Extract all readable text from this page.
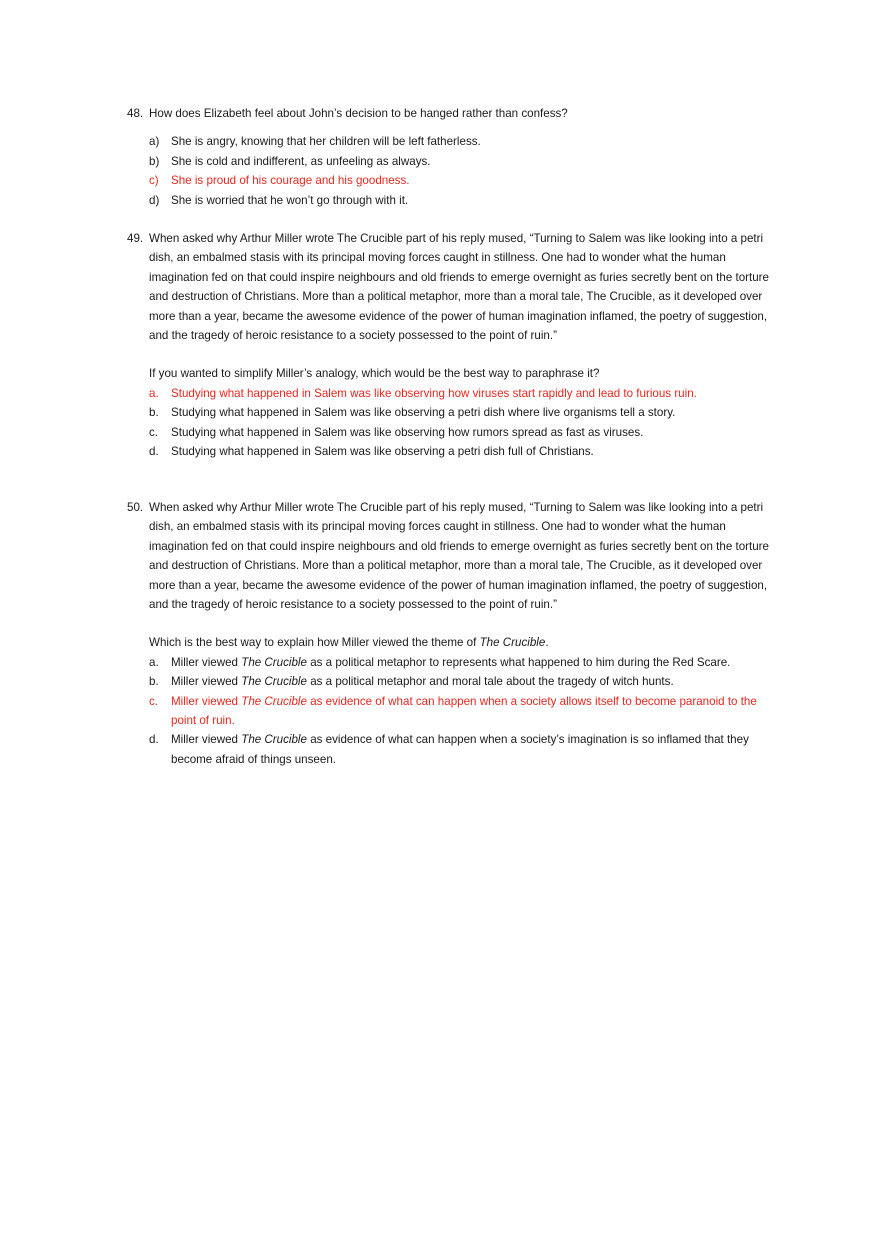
48. How does Elizabeth feel about John’s decision to be hanged rather than confess?
a)	She is angry, knowing that her children will be left fatherless.
b)	She is cold and indifferent, as unfeeling as always.
c)	She is proud of his courage and his goodness.
d)	She is worried that he won’t go through with it.
49. When asked why Arthur Miller wrote The Crucible part of his reply mused, “Turning to Salem was like looking into a petri dish, an embalmed stasis with its principal moving forces caught in stillness. One had to wonder what the human imagination fed on that could inspire neighbours and old friends to emerge overnight as furies secretly bent on the torture and destruction of Christians. More than a political metaphor, more than a moral tale, The Crucible, as it developed over more than a year, became the awesome evidence of the power of human imagination inflamed, the poetry of suggestion, and the tragedy of heroic resistance to a society possessed to the point of ruin.”
If you wanted to simplify Miller’s analogy, which would be the best way to paraphrase it?
a.	Studying what happened in Salem was like observing how viruses start rapidly and lead to furious ruin.
b.	Studying what happened in Salem was like observing a petri dish where live organisms tell a story.
c.	Studying what happened in Salem was like observing how rumors spread as fast as viruses.
d.	Studying what happened in Salem was like observing a petri dish full of Christians.
50. When asked why Arthur Miller wrote The Crucible part of his reply mused, “Turning to Salem was like looking into a petri dish, an embalmed stasis with its principal moving forces caught in stillness. One had to wonder what the human imagination fed on that could inspire neighbours and old friends to emerge overnight as furies secretly bent on the torture and destruction of Christians. More than a political metaphor, more than a moral tale, The Crucible, as it developed over more than a year, became the awesome evidence of the power of human imagination inflamed, the poetry of suggestion, and the tragedy of heroic resistance to a society possessed to the point of ruin.”
Which is the best way to explain how Miller viewed the theme of The Crucible.
a.	Miller viewed The Crucible as a political metaphor to represents what happened to him during the Red Scare.
b.	Miller viewed The Crucible as a political metaphor and moral tale about the tragedy of witch hunts.
c.	Miller viewed The Crucible as evidence of what can happen when a society allows itself to become paranoid to the point of ruin.
d.	Miller viewed The Crucible as evidence of what can happen when a society’s imagination is so inflamed that they become afraid of things unseen.
